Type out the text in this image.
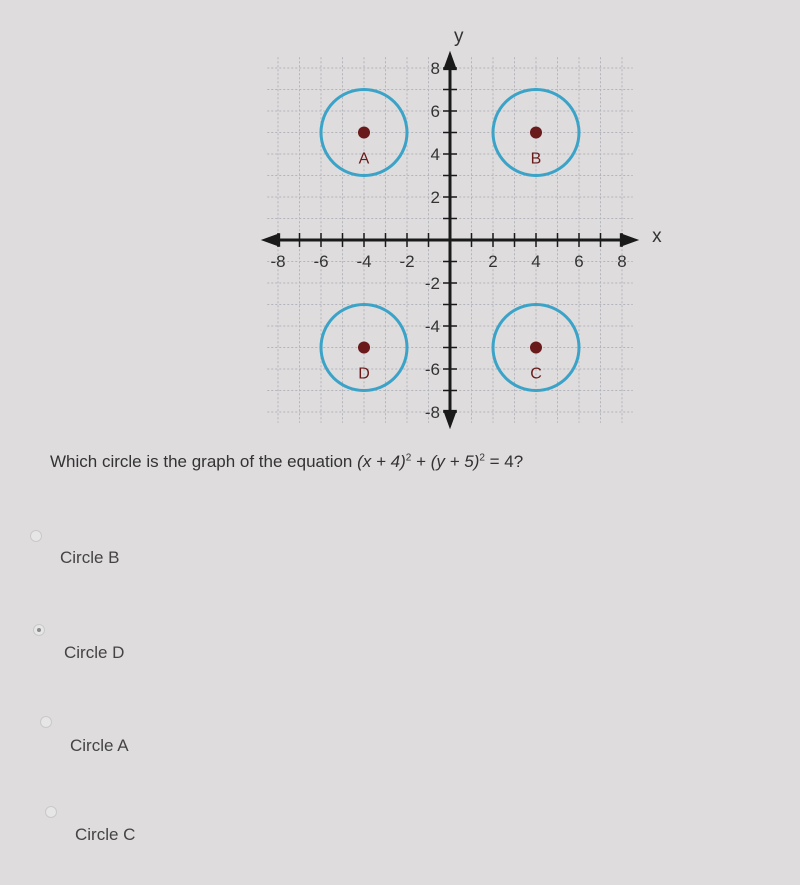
-8 -6 -4 -2	2 4 6 8
8
6
4
2
-2
-4
-6
-8
A	B
D	C
x
y
Which circle is the graph of the equation $(x + 4)^2 + (y + 5)^2 = 4$?
Circle B
Circle D
Circle A
Circle C
